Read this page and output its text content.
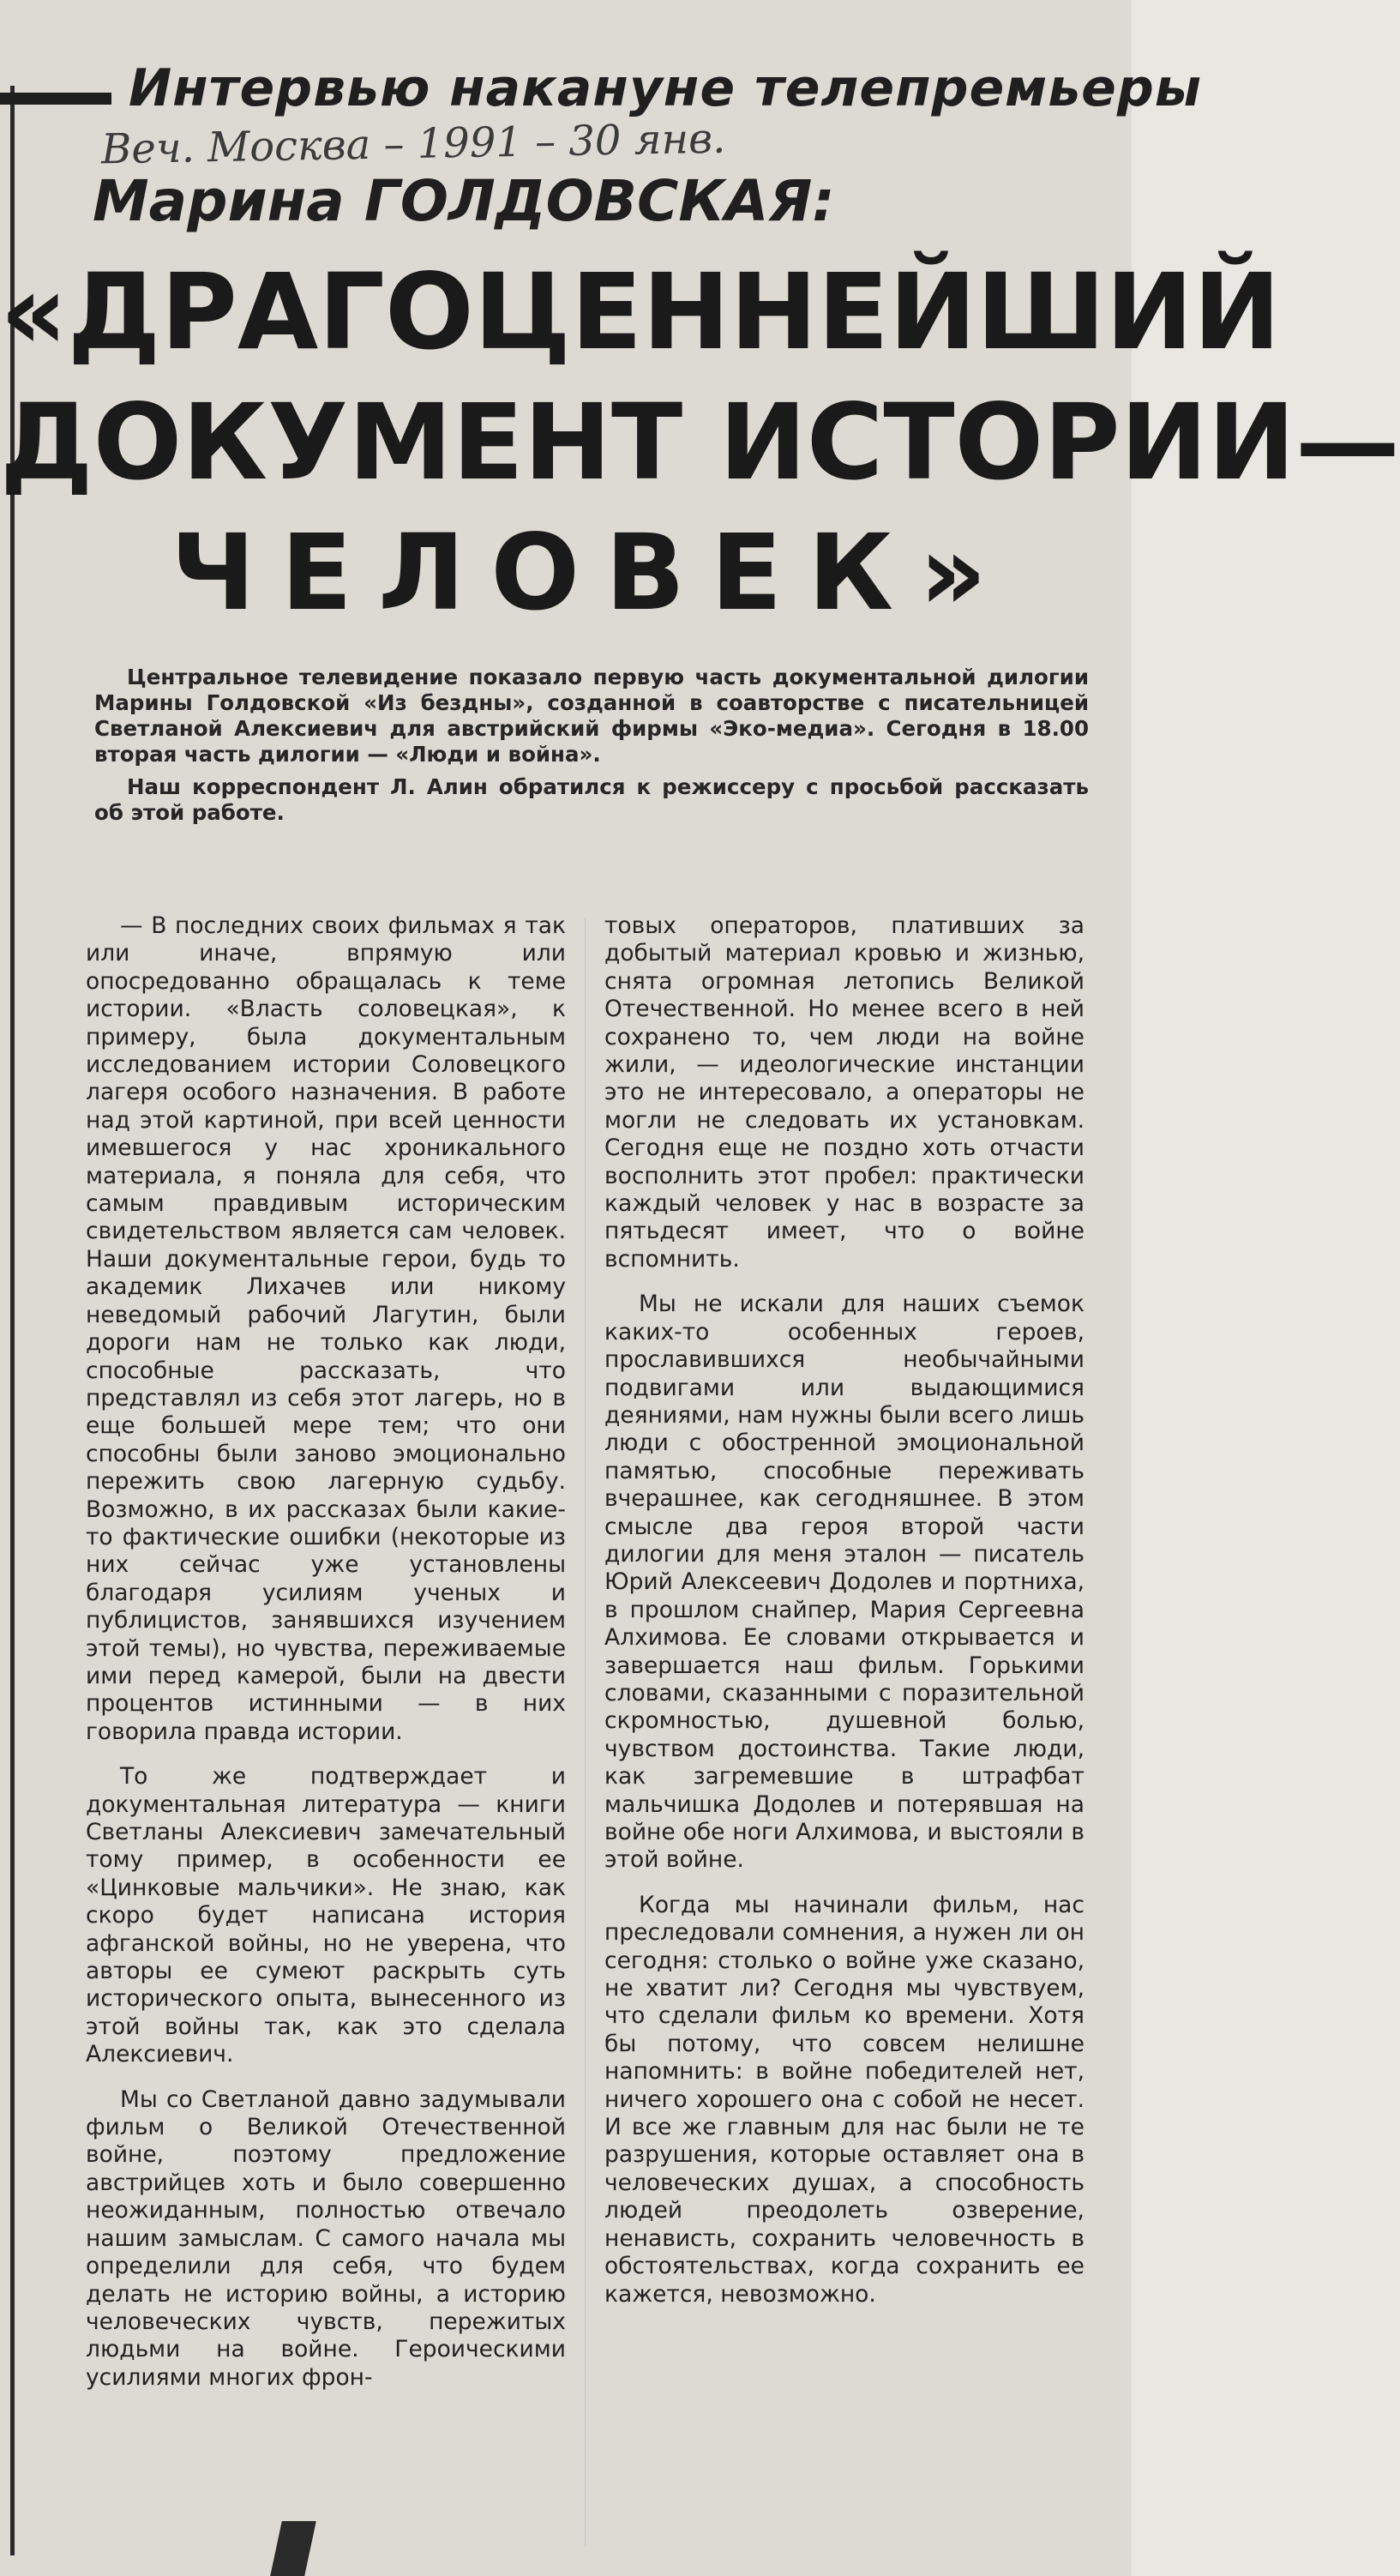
Интервью накануне телепремьеры
Веч. Москва – 1991 – 30 янв.
Марина ГОЛДОВСКАЯ:
«ДРАГОЦЕННЕЙШИЙ
ДОКУМЕНТ ИСТОРИИ—
ЧЕЛОВЕК»

Центральное телевидение показало первую часть документальной дилогии Марины Голдовской «Из бездны», созданной в соавторстве с писательницей Светланой Алексиевич для австрийский фирмы «Эко-медиа». Сегодня в 18.00 вторая часть дилогии — «Люди и война».

Наш корреспондент Л. Алин обратился к режиссеру с просьбой рассказать об этой работе.

— В последних своих фильмах я так или иначе, впрямую или опосредованно обращалась к теме истории. «Власть соловецкая», к примеру, была документальным исследованием истории Соловецкого лагеря особого назначения. В работе над этой картиной, при всей ценности имевшегося у нас хроникального материала, я поняла для себя, что самым правдивым историческим свидетельством является сам человек. Наши документальные герои, будь то академик Лихачев или никому неведомый рабочий Лагутин, были дороги нам не только как люди, способные рассказать, что представлял из себя этот лагерь, но в еще большей мере тем; что они способны были заново эмоционально пережить свою лагерную судьбу. Возможно, в их рассказах были какие-то фактические ошибки (некоторые из них сейчас уже установлены благодаря усилиям ученых и публицистов, занявшихся изучением этой темы), но чувства, переживаемые ими перед камерой, были на двести процентов истинными — в них говорила правда истории.

То же подтверждает и документальная литература — книги Светланы Алексиевич замечательный тому пример, в особенности ее «Цинковые мальчики». Не знаю, как скоро будет написана история афганской войны, но не уверена, что авторы ее сумеют раскрыть суть исторического опыта, вынесенного из этой войны так, как это сделала Алексиевич.

Мы со Светланой давно задумывали фильм о Великой Отечественной войне, поэтому предложение австрийцев хоть и было совершенно неожиданным, полностью отвечало нашим замыслам. С самого начала мы определили для себя, что будем делать не историю войны, а историю человеческих чувств, пережитых людьми на войне. Героическими усилиями многих фрон-

товых операторов, плативших за добытый материал кровью и жизнью, снята огромная летопись Великой Отечественной. Но менее всего в ней сохранено то, чем люди на войне жили, — идеологические инстанции это не интересовало, а операторы не могли не следовать их установкам. Сегодня еще не поздно хоть отчасти восполнить этот пробел: практически каждый человек у нас в возрасте за пятьдесят имеет, что о войне вспомнить.

Мы не искали для наших съемок каких-то особенных героев, прославившихся необычайными подвигами или выдающимися деяниями, нам нужны были всего лишь люди с обостренной эмоциональной памятью, способные переживать вчерашнее, как сегодняшнее. В этом смысле два героя второй части дилогии для меня эталон — писатель Юрий Алексеевич Додолев и портниха, в прошлом снайпер, Мария Сергеевна Алхимова. Ее словами открывается и завершается наш фильм. Горькими словами, сказанными с поразительной скромностью, душевной болью, чувством достоинства. Такие люди, как загремевшие в штрафбат мальчишка Додолев и потерявшая на войне обе ноги Алхимова, и выстояли в этой войне.

Когда мы начинали фильм, нас преследовали сомнения, а нужен ли он сегодня: столько о войне уже сказано, не хватит ли? Сегодня мы чувствуем, что сделали фильм ко времени. Хотя бы потому, что совсем нелишне напомнить: в войне победителей нет, ничего хорошего она с собой не несет. И все же главным для нас были не те разрушения, которые оставляет она в человеческих душах, а способность людей преодолеть озверение, ненависть, сохранить человечность в обстоятельствах, когда сохранить ее кажется, невозможно.
